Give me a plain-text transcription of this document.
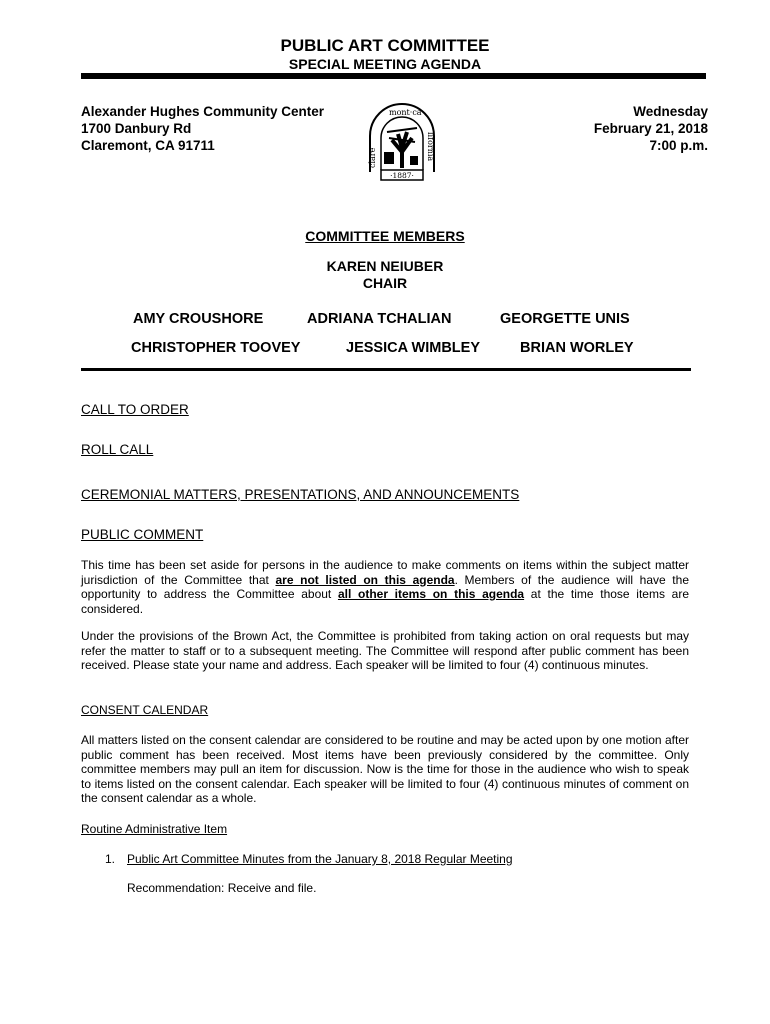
PUBLIC ART COMMITTEE
SPECIAL MEETING AGENDA
Alexander Hughes Community Center
1700 Danbury Rd
Claremont, CA 91711
Wednesday
February 21, 2018
7:00 p.m.
clare
mont·ca
lifornia
·1887·
COMMITTEE MEMBERS
KAREN NEIUBER
CHAIR
AMY CROUSHORE	ADRIANA TCHALIAN	GEORGETTE UNIS
CHRISTOPHER TOOVEY	JESSICA WIMBLEY	BRIAN WORLEY
CALL TO ORDER
ROLL CALL
CEREMONIAL MATTERS, PRESENTATIONS, AND ANNOUNCEMENTS
PUBLIC COMMENT
This time has been set aside for persons in the audience to make comments on items within the subject matter jurisdiction of the Committee that are not listed on this agenda. Members of the audience will have the opportunity to address the Committee about all other items on this agenda at the time those items are considered.
Under the provisions of the Brown Act, the Committee is prohibited from taking action on oral requests but may refer the matter to staff or to a subsequent meeting. The Committee will respond after public comment has been received. Please state your name and address. Each speaker will be limited to four (4) continuous minutes.
CONSENT CALENDAR
All matters listed on the consent calendar are considered to be routine and may be acted upon by one motion after public comment has been received. Most items have been previously considered by the committee. Only committee members may pull an item for discussion. Now is the time for those in the audience who wish to speak to items listed on the consent calendar. Each speaker will be limited to four (4) continuous minutes of comment on the consent calendar as a whole.
Routine Administrative Item
1. Public Art Committee Minutes from the January 8, 2018 Regular Meeting
Recommendation: Receive and file.
